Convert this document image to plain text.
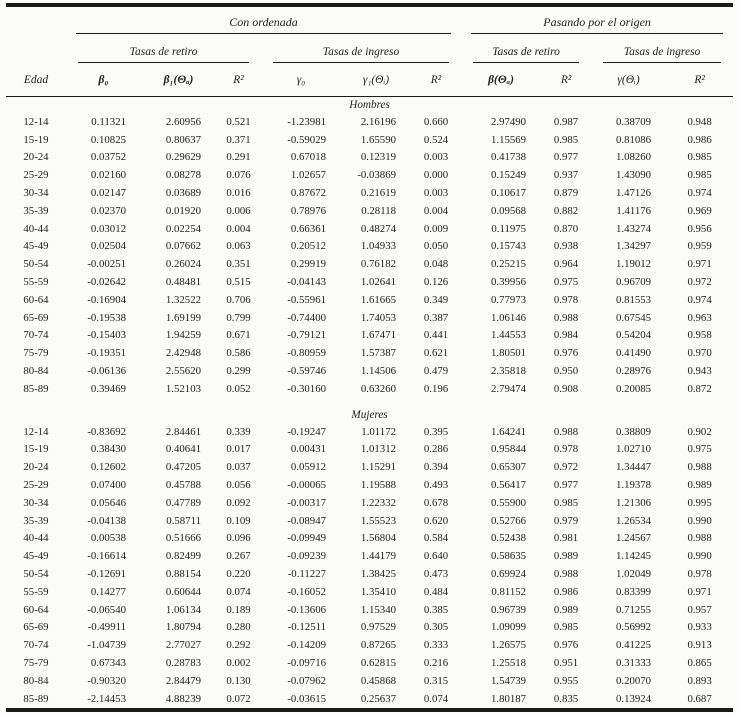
	Con ordenada						Pasando por el origen			

	Tasas de retiro			Tasas de ingreso			Tasas de retiro		Tasas de ingreso	

Edad	β₀	β₁(Θₐ)	R²	γ₀	γ₁(Θᵢ)	R²	β(Θₐ)	R²	γ(Θᵢ)	R²
Hombres										
12-14	0.11321	2.60956	0.521	-1.23981	2.16196	0.660	2.97490	0.987	0.38709	0.948
15-19	0.10825	0.80637	0.371	-0.59029	1.65590	0.524	1.15569	0.985	0.81086	0.986
20-24	0.03752	0.29629	0.291	0.67018	0.12319	0.003	0.41738	0.977	1.08260	0.985
25-29	0.02160	0.08278	0.076	1.02657	-0.03869	0.000	0.15249	0.937	1.43090	0.985
30-34	0.02147	0.03689	0.016	0.87672	0.21619	0.003	0.10617	0.879	1.47126	0.974
35-39	0.02370	0.01920	0.006	0.78976	0.28118	0.004	0.09568	0.882	1.41176	0.969
40-44	0.03012	0.02254	0.004	0.66361	0.48274	0.009	0.11975	0.870	1.43274	0.956
45-49	0.02504	0.07662	0.063	0.20512	1.04933	0.050	0.15743	0.938	1.34297	0.959
50-54	-0.00251	0.26024	0.351	0.29919	0.76182	0.048	0.25215	0.964	1.19012	0.971
55-59	-0.02642	0.48481	0.515	-0.04143	1.02641	0.126	0.39956	0.975	0.96709	0.972
60-64	-0.16904	1.32522	0.706	-0.55961	1.61665	0.349	0.77973	0.978	0.81553	0.974
65-69	-0.19538	1.69199	0.799	-0.74400	1.74053	0.387	1.06146	0.988	0.67545	0.963
70-74	-0.15403	1.94259	0.671	-0.79121	1.67471	0.441	1.44553	0.984	0.54204	0.958
75-79	-0.19351	2.42948	0.586	-0.80959	1.57387	0.621	1.80501	0.976	0.41490	0.970
80-84	-0.06136	2.55620	0.299	-0.59746	1.14506	0.479	2.35818	0.950	0.28976	0.943
85-89	0.39469	1.52103	0.052	-0.30160	0.63260	0.196	2.79474	0.908	0.20085	0.872

Mujeres										
12-14	-0.83692	2.84461	0.339	-0.19247	1.01172	0.395	1.64241	0.988	0.38809	0.902
15-19	0.38430	0.40641	0.017	0.00431	1.01312	0.286	0.95844	0.978	1.02710	0.975
20-24	0.12602	0.47205	0.037	0.05912	1.15291	0.394	0.65307	0.972	1.34447	0.988
25-29	0.07400	0.45788	0.056	-0.00065	1.19588	0.493	0.56417	0.977	1.19378	0.989
30-34	0.05646	0.47789	0.092	-0.00317	1.22332	0.678	0.55900	0.985	1.21306	0.995
35-39	-0.04138	0.58711	0.109	-0.08947	1.55523	0.620	0.52766	0.979	1.26534	0.990
40-44	0.00538	0.51666	0.096	-0.09949	1.56804	0.584	0.52438	0.981	1.24567	0.988
45-49	-0.16614	0.82499	0.267	-0.09239	1.44179	0.640	0.58635	0.989	1.14245	0.990
50-54	-0.12691	0.88154	0.220	-0.11227	1.38425	0.473	0.69924	0.988	1.02049	0.978
55-59	0.14277	0.60644	0.074	-0.16052	1.35410	0.484	0.81152	0.986	0.83399	0.971
60-64	-0.06540	1.06134	0.189	-0.13606	1.15340	0.385	0.96739	0.989	0.71255	0.957
65-69	-0.49911	1.80794	0.280	-0.12511	0.97529	0.305	1.09099	0.985	0.56992	0.933
70-74	-1.04739	2.77027	0.292	-0.14209	0.87265	0.333	1.26575	0.976	0.41225	0.913
75-79	0.67343	0.28783	0.002	-0.09716	0.62815	0.216	1.25518	0.951	0.31333	0.865
80-84	-0.90320	2.84479	0.130	-0.07962	0.45868	0.315	1.54739	0.955	0.20070	0.893
85-89	-2.14453	4.88239	0.072	-0.03615	0.25637	0.074	1.80187	0.835	0.13924	0.687
